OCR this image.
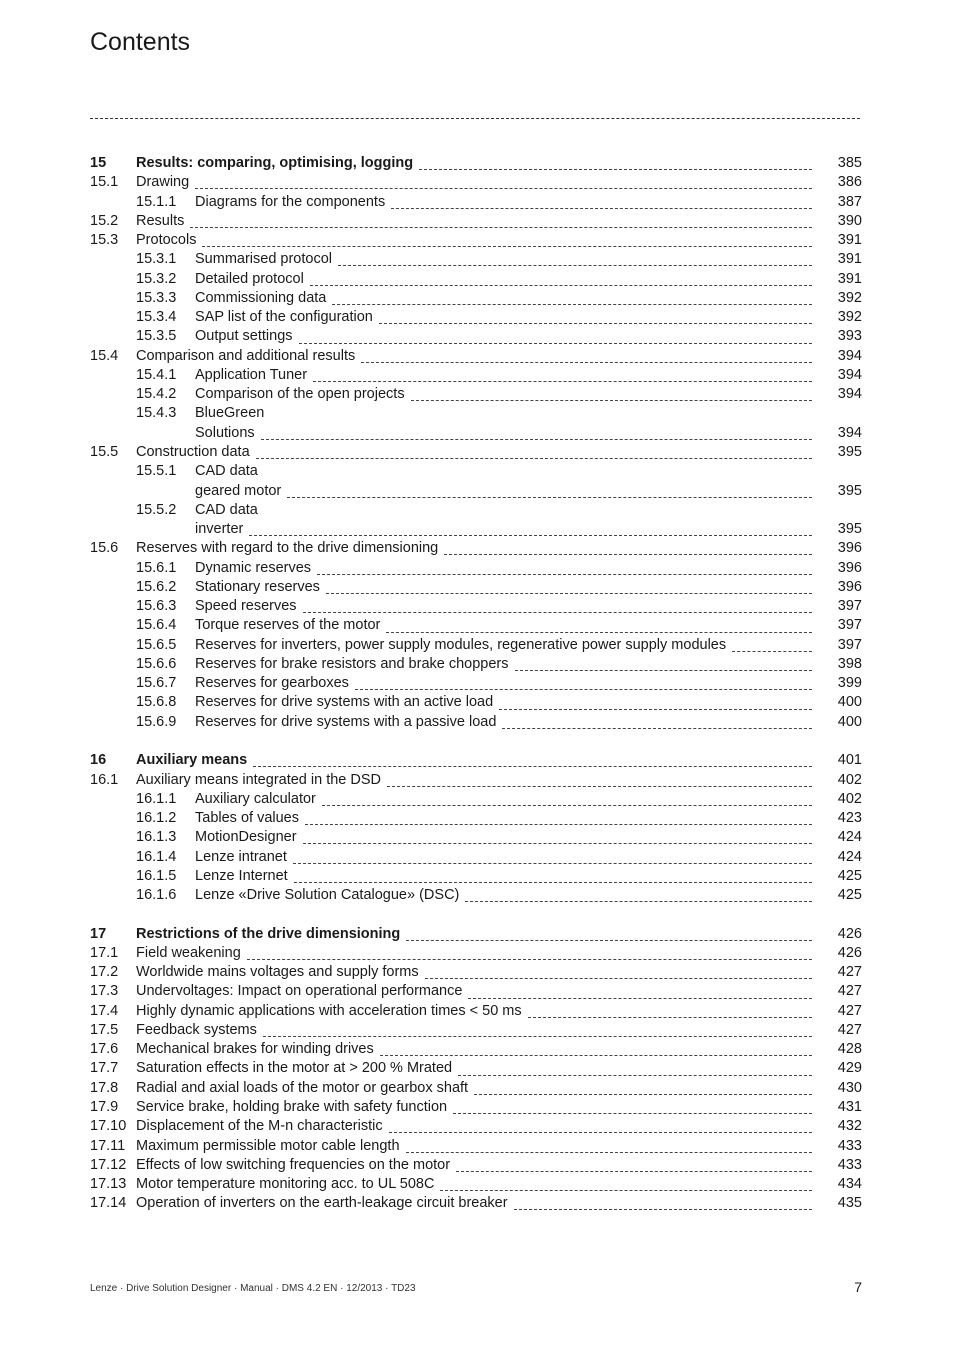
Contents
15 Results: comparing, optimising, logging	385
15.1 Drawing	386
15.1.1 Diagrams for the components	387
15.2 Results	390
15.3 Protocols	391
15.3.1 Summarised protocol	391
15.3.2 Detailed protocol	391
15.3.3 Commissioning data	392
15.3.4 SAP list of the configuration	392
15.3.5 Output settings	393
15.4 Comparison and additional results	394
15.4.1 Application Tuner	394
15.4.2 Comparison of the open projects	394
15.4.3 BlueGreen
Solutions	394
15.5 Construction data	395
15.5.1 CAD data
geared motor	395
15.5.2 CAD data
inverter	395
15.6 Reserves with regard to the drive dimensioning	396
15.6.1 Dynamic reserves	396
15.6.2 Stationary reserves	396
15.6.3 Speed reserves	397
15.6.4 Torque reserves of the motor	397
15.6.5 Reserves for inverters, power supply modules, regenerative power supply modules	397
15.6.6 Reserves for brake resistors and brake choppers	398
15.6.7 Reserves for gearboxes	399
15.6.8 Reserves for drive systems with an active load	400
15.6.9 Reserves for drive systems with a passive load	400
16 Auxiliary means	401
16.1 Auxiliary means integrated in the DSD	402
16.1.1 Auxiliary calculator	402
16.1.2 Tables of values	423
16.1.3 MotionDesigner	424
16.1.4 Lenze intranet	424
16.1.5 Lenze Internet	425
16.1.6 Lenze «Drive Solution Catalogue» (DSC)	425
17 Restrictions of the drive dimensioning	426
17.1 Field weakening	426
17.2 Worldwide mains voltages and supply forms	427
17.3 Undervoltages: Impact on operational performance	427
17.4 Highly dynamic applications with acceleration times < 50 ms	427
17.5 Feedback systems	427
17.6 Mechanical brakes for winding drives	428
17.7 Saturation effects in the motor at > 200 % Mrated	429
17.8 Radial and axial loads of the motor or gearbox shaft	430
17.9 Service brake, holding brake with safety function	431
17.10 Displacement of the M-n characteristic	432
17.11 Maximum permissible motor cable length	433
17.12 Effects of low switching frequencies on the motor	433
17.13 Motor temperature monitoring acc. to UL 508C	434
17.14 Operation of inverters on the earth-leakage circuit breaker	435
Lenze · Drive Solution Designer · Manual · DMS 4.2 EN · 12/2013 · TD23	7
